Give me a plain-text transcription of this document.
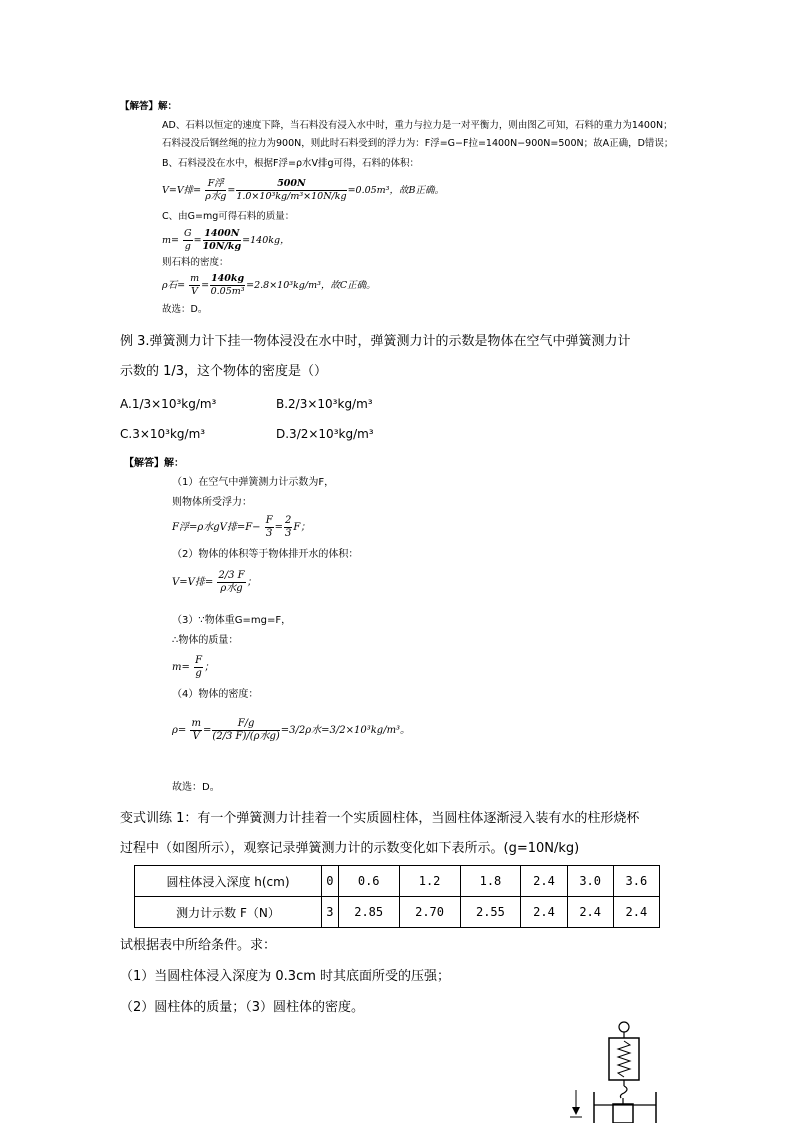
【解答】解：
AD、石料以恒定的速度下降，当石料没有浸入水中时，重力与拉力是一对平衡力，则由图乙可知，石料的重力为1400N；
石料浸没后钢丝绳的拉力为900N，则此时石料受到的浮力为：F浮=G−F拉=1400N−900N=500N；故A正确，D错误；
B、石料浸没在水中，根据F浮=ρ水V排g可得，石料的体积：
V=V排= $\frac{\text{F浮}}{\text{ρ水g}} = \frac{500N}{\text{1.0×10³kg/m³×10N/kg}} =0.05m^3$，故B正确。
C、由G=mg可得石料的质量：
$m= \frac{G}{g} = \frac{1400N}{10N/kg} =140kg$，
则石料的密度：
ρ石= $\frac{m}{V} = \frac{140kg}{\text{0.05m³}} =2.8\times 10^3kg/m^3$，故C正确。
故选：D。
例 3.弹簧测力计下挂一物体浸没在水中时，弹簧测力计的示数是物体在空气中弹簧测力计
示数的 1/3，这个物体的密度是（）
A.1/3×10³kg/m³	B.2/3×10³kg/m³
C.3×10³kg/m³	D.3/2×10³kg/m³
【解答】解：
（1）在空气中弹簧测力计示数为F，
则物体所受浮力：
F浮=ρ水gV排$=F- \frac{F}{3} = \frac{2}{3}$ F；
（2）物体的体积等于物体排开水的体积：
V=V排= $\frac{2/3 F}{\text{ρ水g}}$ ；
（3）∵物体重G=mg=F，
∴物体的质量：
$m= \frac{F}{g}$ ；
（4）物体的密度：
$\rho= \frac{m}{V} = \frac{F/g}{\text{(2/3 F)/(ρ水g)}} =3/2\rho$水=3/2×10³kg/m³。
故选：D。
变式训练 1：有一个弹簧测力计挂着一个实质圆柱体，当圆柱体逐渐浸入装有水的柱形烧杯
过程中（如图所示），观察记录弹簧测力计的示数变化如下表所示。(g=10N/kg)
圆柱体浸入深度 h(cm)	0	0.6	1.2	1.8	2.4	3.0	3.6
测力计示数 F（N）	3	2.85	2.70	2.55	2.4	2.4	2.4
试根据表中所给条件。求：
（1）当圆柱体浸入深度为 0.3cm 时其底面所受的压强；
（2）圆柱体的质量；（3）圆柱体的密度。
